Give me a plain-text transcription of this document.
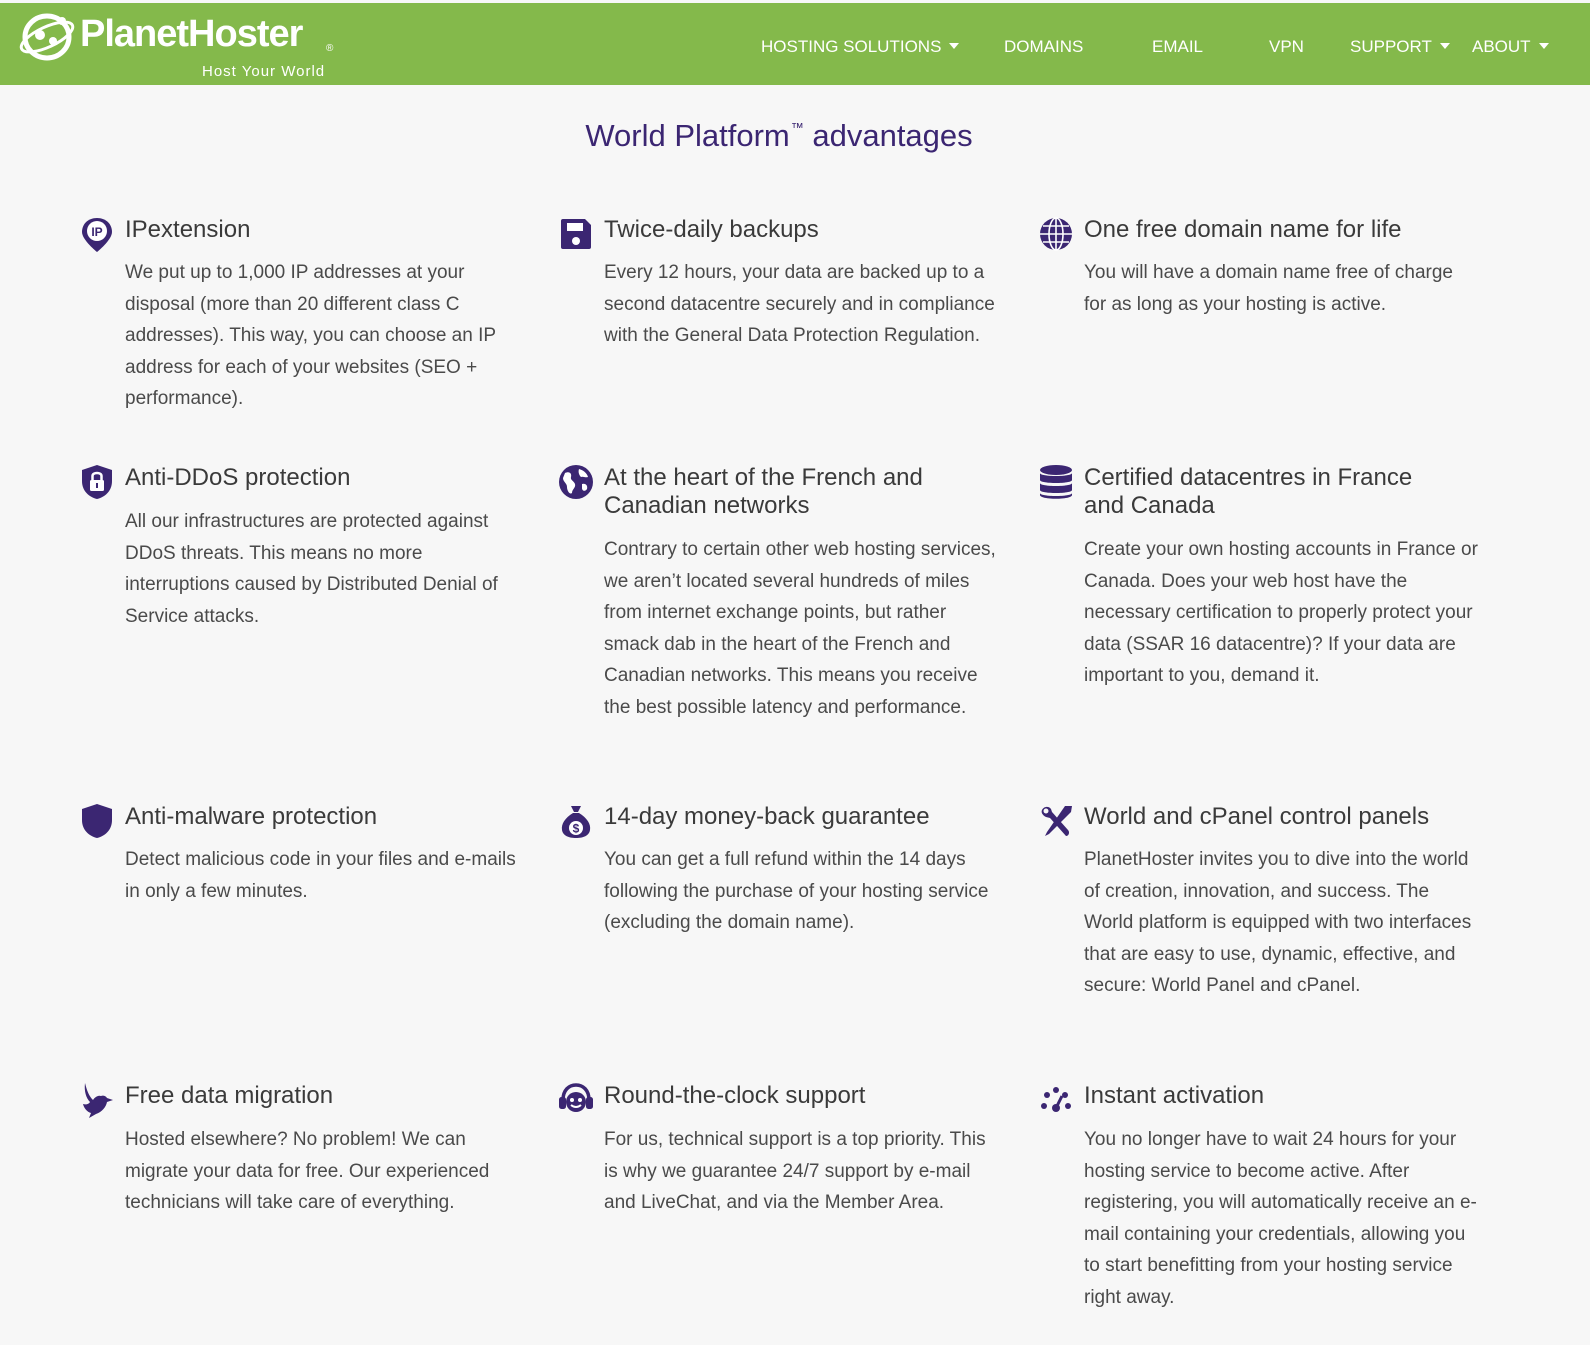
PlanetHoster ®
Host Your World
HOSTING SOLUTIONS	DOMAINS	EMAIL	VPN	SUPPORT	ABOUT
World Platform™ advantages
IP IPextension

We put up to 1,000 IP addresses at your disposal (more than 20 different class C addresses). This way, you can choose an IP address for each of your websites (SEO + performance).

Twice-daily backups

Every 12 hours, your data are backed up to a second datacentre securely and in compliance with the General Data Protection Regulation.

One free domain name for life

You will have a domain name free of charge for as long as your hosting is active.

Anti-DDoS protection

All our infrastructures are protected against DDoS threats. This means no more interruptions caused by Distributed Denial of Service attacks.

At the heart of the French and Canadian networks

Contrary to certain other web hosting services, we aren’t located several hundreds of miles from internet exchange points, but rather smack dab in the heart of the French and Canadian networks. This means you receive the best possible latency and performance.

Certified datacentres in France and Canada

Create your own hosting accounts in France or Canada. Does your web host have the necessary certification to properly protect your data (SSAR 16 datacentre)? If your data are important to you, demand it.

Anti-malware protection

Detect malicious code in your files and e-mails in only a few minutes.

$ 14-day money-back guarantee

You can get a full refund within the 14 days following the purchase of your hosting service (excluding the domain name).

World and cPanel control panels

PlanetHoster invites you to dive into the world of creation, innovation, and success. The World platform is equipped with two interfaces that are easy to use, dynamic, effective, and secure: World Panel and cPanel.

Free data migration

Hosted elsewhere? No problem! We can migrate your data for free. Our experienced technicians will take care of everything.

Round-the-clock support

For us, technical support is a top priority. This is why we guarantee 24/7 support by e-mail and LiveChat, and via the Member Area.

Instant activation

You no longer have to wait 24 hours for your hosting service to become active. After registering, you will automatically receive an e-mail containing your credentials, allowing you to start benefitting from your hosting service right away.
